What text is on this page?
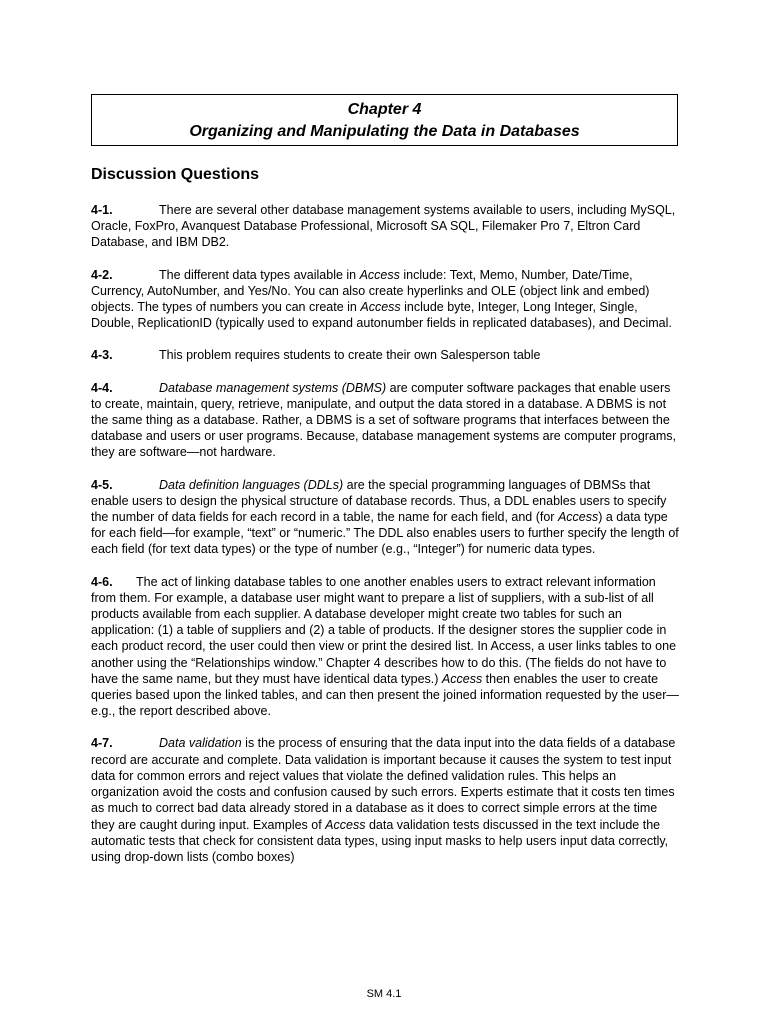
Chapter 4
Organizing and Manipulating the Data in Databases
Discussion Questions

4-1.	There are several other database management systems available to users, including MySQL, Oracle, FoxPro, Avanquest Database Professional, Microsoft SA SQL, Filemaker Pro 7, Eltron Card Database, and IBM DB2.

4-2.	The different data types available in Access include: Text, Memo, Number, Date/Time, Currency, AutoNumber, and Yes/No. You can also create hyperlinks and OLE (object link and embed) objects. The types of numbers you can create in Access include byte, Integer, Long Integer, Single, Double, ReplicationID (typically used to expand autonumber fields in replicated databases), and Decimal.

4-3.	This problem requires students to create their own Salesperson table

4-4.	Database management systems (DBMS) are computer software packages that enable users to create, maintain, query, retrieve, manipulate, and output the data stored in a database. A DBMS is not the same thing as a database. Rather, a DBMS is a set of software programs that interfaces between the database and users or user programs. Because, database management systems are computer programs, they are software—not hardware.

4-5.	Data definition languages (DDLs) are the special programming languages of DBMSs that enable users to design the physical structure of database records. Thus, a DDL enables users to specify the number of data fields for each record in a table, the name for each field, and (for Access) a data type for each field—for example, “text” or “numeric.” The DDL also enables users to further specify the length of each field (for text data types) or the type of number (e.g., “Integer”) for numeric data types.

4-6. The act of linking database tables to one another enables users to extract relevant information from them. For example, a database user might want to prepare a list of suppliers, with a sub-list of all products available from each supplier. A database developer might create two tables for such an application: (1) a table of suppliers and (2) a table of products. If the designer stores the supplier code in each product record, the user could then view or print the desired list. In Access, a user links tables to one another using the “Relationships window.” Chapter 4 describes how to do this. (The fields do not have to have the same name, but they must have identical data types.) Access then enables the user to create queries based upon the linked tables, and can then present the joined information requested by the user—e.g., the report described above.

4-7.	Data validation is the process of ensuring that the data input into the data fields of a database record are accurate and complete. Data validation is important because it causes the system to test input data for common errors and reject values that violate the defined validation rules. This helps an organization avoid the costs and confusion caused by such errors. Experts estimate that it costs ten times as much to correct bad data already stored in a database as it does to correct simple errors at the time they are caught during input. Examples of Access data validation tests discussed in the text include the automatic tests that check for consistent data types, using input masks to help users input data correctly, using drop-down lists (combo boxes)

SM 4.1
